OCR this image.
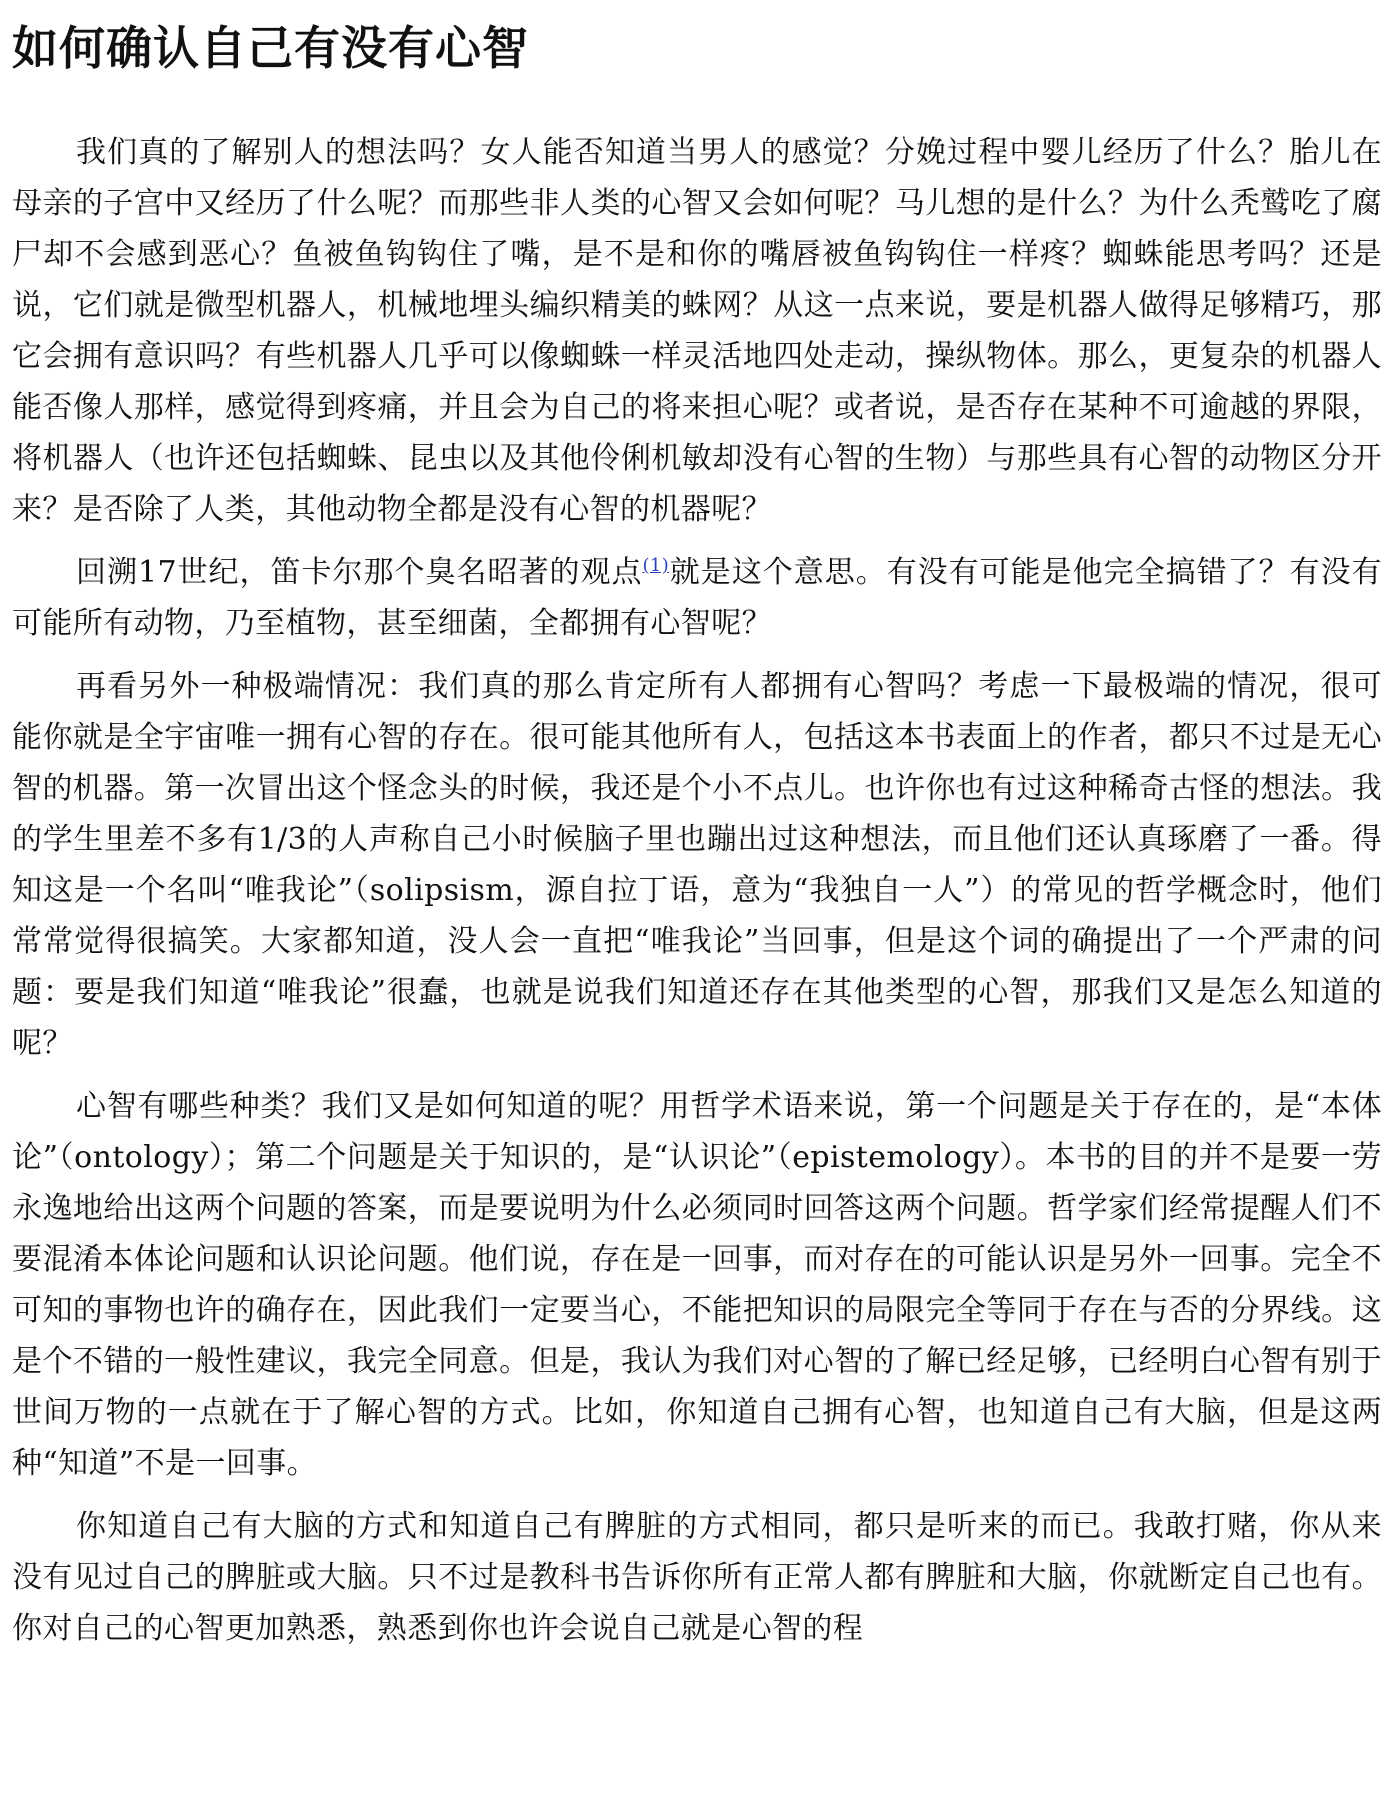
如何确认自己有没有心智

我们真的了解别人的想法吗？女人能否知道当男人的感觉？分娩过程中婴儿经历了什么？胎儿在母亲的子宫中又经历了什么呢？而那些非人类的心智又会如何呢？马儿想的是什么？为什么秃鹫吃了腐尸却不会感到恶心？鱼被鱼钩钩住了嘴，是不是和你的嘴唇被鱼钩钩住一样疼？蜘蛛能思考吗？还是说，它们就是微型机器人，机械地埋头编织精美的蛛网？从这一点来说，要是机器人做得足够精巧，那它会拥有意识吗？有些机器人几乎可以像蜘蛛一样灵活地四处走动，操纵物体。那么，更复杂的机器人能否像人那样，感觉得到疼痛，并且会为自己的将来担心呢？或者说，是否存在某种不可逾越的界限，将机器人（也许还包括蜘蛛、昆虫以及其他伶俐机敏却没有心智的生物）与那些具有心智的动物区分开来？是否除了人类，其他动物全都是没有心智的机器呢？

回溯17世纪，笛卡尔那个臭名昭著的观点$^{(1)}$就是这个意思。有没有可能是他完全搞错了？有没有可能所有动物，乃至植物，甚至细菌，全都拥有心智呢？

再看另外一种极端情况：我们真的那么肯定所有人都拥有心智吗？考虑一下最极端的情况，很可能你就是全宇宙唯一拥有心智的存在。很可能其他所有人，包括这本书表面上的作者，都只不过是无心智的机器。第一次冒出这个怪念头的时候，我还是个小不点儿。也许你也有过这种稀奇古怪的想法。我的学生里差不多有1/3的人声称自己小时候脑子里也蹦出过这种想法，而且他们还认真琢磨了一番。得知这是一个名叫“唯我论”（solipsism，源自拉丁语，意为“我独自一人”）的常见的哲学概念时，他们常常觉得很搞笑。大家都知道，没人会一直把“唯我论”当回事，但是这个词的确提出了一个严肃的问题：要是我们知道“唯我论”很蠢，也就是说我们知道还存在其他类型的心智，那我们又是怎么知道的呢？

心智有哪些种类？我们又是如何知道的呢？用哲学术语来说，第一个问题是关于存在的，是“本体论”（ontology）；第二个问题是关于知识的，是“认识论”（epistemology）。本书的目的并不是要一劳永逸地给出这两个问题的答案，而是要说明为什么必须同时回答这两个问题。哲学家们经常提醒人们不要混淆本体论问题和认识论问题。他们说，存在是一回事，而对存在的可能认识是另外一回事。完全不可知的事物也许的确存在，因此我们一定要当心，不能把知识的局限完全等同于存在与否的分界线。这是个不错的一般性建议，我完全同意。但是，我认为我们对心智的了解已经足够，已经明白心智有别于世间万物的一点就在于了解心智的方式。比如，你知道自己拥有心智，也知道自己有大脑，但是这两种“知道”不是一回事。

你知道自己有大脑的方式和知道自己有脾脏的方式相同，都只是听来的而已。我敢打赌，你从来没有见过自己的脾脏或大脑。只不过是教科书告诉你所有正常人都有脾脏和大脑，你就断定自己也有。你对自己的心智更加熟悉，熟悉到你也许会说自己就是心智的程
